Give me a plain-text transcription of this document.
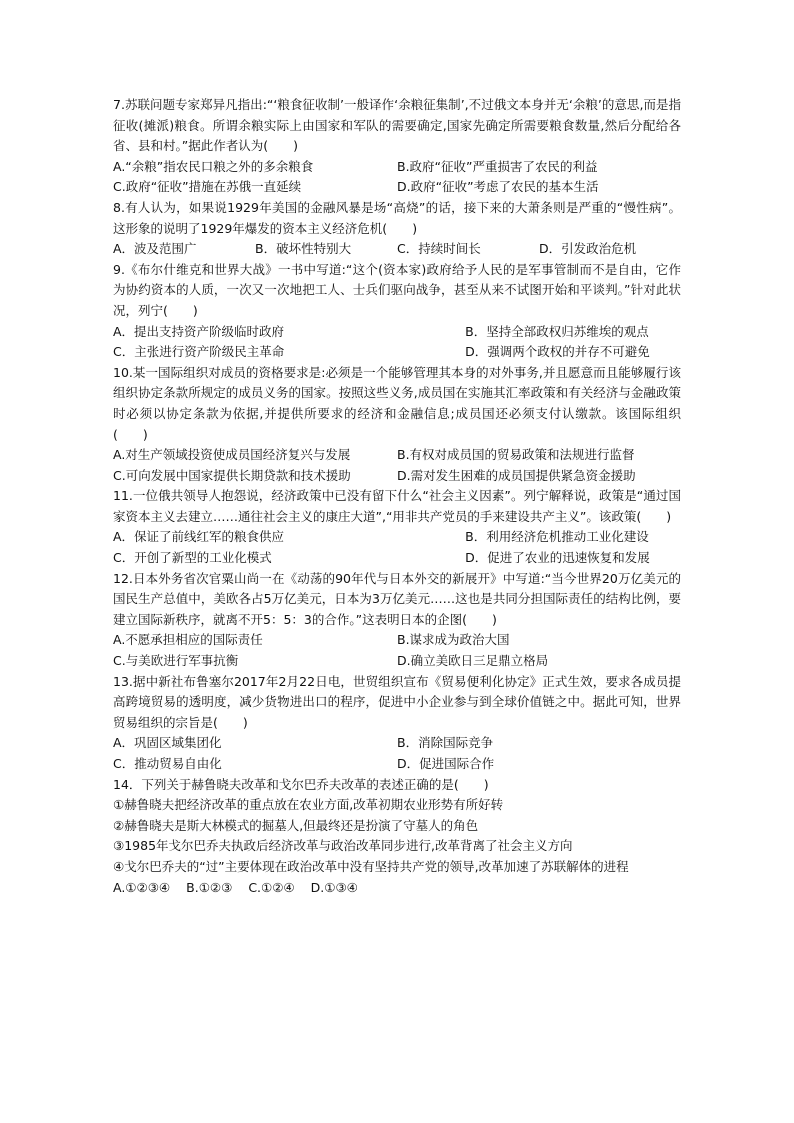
7.苏联问题专家郑异凡指出:“‘粮食征收制’一般译作‘余粮征集制’,不过俄文本身并无‘余粮’的意思,而是指征收(摊派)粮食。所谓余粮实际上由国家和军队的需要确定,国家先确定所需要粮食数量,然后分配给各省、县和村。”据此作者认为(　　)

A.“余粮”指农民口粮之外的多余粮食	B.政府“征收”严重损害了农民的利益
C.政府“征收”措施在苏俄一直延续	D.政府“征收”考虑了农民的基本生活

8.有人认为，如果说1929年美国的金融风暴是场“高烧”的话，接下来的大萧条则是严重的“慢性病”。这形象的说明了1929年爆发的资本主义经济危机(　　)

A．波及范围广	B．破坏性特别大	C．持续时间长	D．引发政治危机

9.《布尔什维克和世界大战》一书中写道:“这个(资本家)政府给予人民的是军事管制而不是自由，它作为协约资本的人质，一次又一次地把工人、士兵们驱向战争，甚至从来不试图开始和平谈判。”针对此状况，列宁(　　)

A．提出支持资产阶级临时政府	B．坚持全部政权归苏维埃的观点
C．主张进行资产阶级民主革命	D．强调两个政权的并存不可避免

10.某一国际组织对成员的资格要求是:必须是一个能够管理其本身的对外事务,并且愿意而且能够履行该组织协定条款所规定的成员义务的国家。按照这些义务,成员国在实施其汇率政策和有关经济与金融政策时必须以协定条款为依据,并提供所要求的经济和金融信息;成员国还必须支付认缴款。该国际组织　　(　　)

A.对生产领域投资使成员国经济复兴与发展	B.有权对成员国的贸易政策和法规进行监督
C.可向发展中国家提供长期贷款和技术援助	D.需对发生困难的成员国提供紧急资金援助

11.一位俄共领导人抱怨说，经济政策中已没有留下什么“社会主义因素”。列宁解释说，政策是“通过国家资本主义去建立……通往社会主义的康庄大道”,“用非共产党员的手来建设共产主义”。该政策(　　)

A．保证了前线红军的粮食供应	B．利用经济危机推动工业化建设
C．开创了新型的工业化模式	D．促进了农业的迅速恢复和发展

12.日本外务省次官粟山尚一在《动荡的90年代与日本外交的新展开》中写道:“当今世界20万亿美元的国民生产总值中，美欧各占5万亿美元，日本为3万亿美元……这也是共同分担国际责任的结构比例，要建立国际新秩序，就离不开5：5：3的合作。”这表明日本的企图(　　)

A.不愿承担相应的国际责任	B.谋求成为政治大国
C.与美欧进行军事抗衡	D.确立美欧日三足鼎立格局

13.据中新社布鲁塞尔2017年2月22日电，世贸组织宣布《贸易便利化协定》正式生效，要求各成员提高跨境贸易的透明度，减少货物进出口的程序，促进中小企业参与到全球价值链之中。据此可知，世界贸易组织的宗旨是(　　)

A．巩固区域集团化	B．消除国际竞争
C．推动贸易自由化	D．促进国际合作

14．下列关于赫鲁晓夫改革和戈尔巴乔夫改革的表述正确的是(　　)

①赫鲁晓夫把经济改革的重点放在农业方面,改革初期农业形势有所好转

②赫鲁晓夫是斯大林模式的掘墓人,但最终还是扮演了守墓人的角色

③1985年戈尔巴乔夫执政后经济改革与政治改革同步进行,改革背离了社会主义方向

④戈尔巴乔夫的“过”主要体现在政治改革中没有坚持共产党的领导,改革加速了苏联解体的进程

A.①②③④ B.①②③ C.①②④ D.①③④
